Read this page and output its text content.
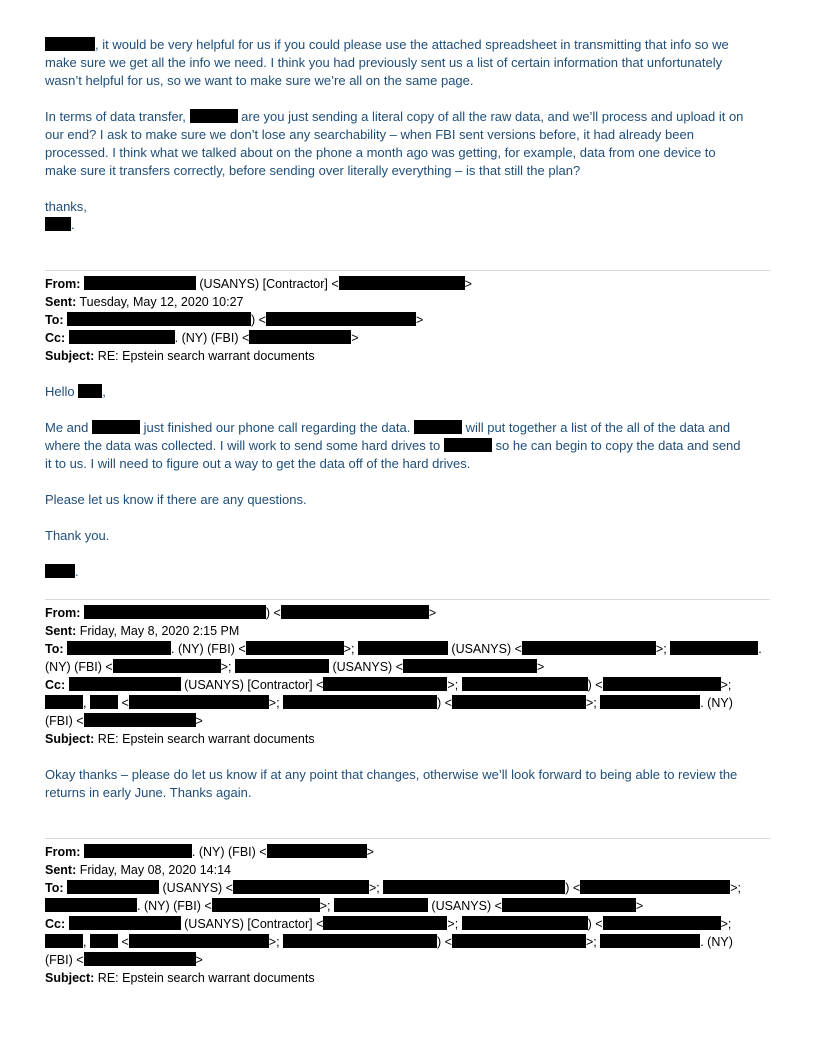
, it would be very helpful for us if you could please use the attached spreadsheet in transmitting that info so we
make sure we get all the info we need. I think you had previously sent us a list of certain information that unfortunately
wasn’t helpful for us, so we want to make sure we’re all on the same page.
In terms of data transfer,	are you just sending a literal copy of all the raw data, and we’ll process and upload it on
our end? I ask to make sure we don’t lose any searchability – when FBI sent versions before, it had already been
processed. I think what we talked about on the phone a month ago was getting, for example, data from one device to
make sure it transfers correctly, before sending over literally everything – is that still the plan?
thanks,
.
From:	(USANYS) [Contractor] <	>
Sent: Tuesday, May 12, 2020 10:27
To:	) <	>
Cc:	. (NY) (FBI) <	>
Subject: RE: Epstein search warrant documents
Hello ,
Me and	just finished our phone call regarding the data.	will put together a list of the all of the data and
where the data was collected. I will work to send some hard drives to	so he can begin to copy the data and send
it to us. I will need to figure out a way to get the data off of the hard drives.
Please let us know if there are any questions.
Thank you.
.
From:	) <	>
Sent: Friday, May 8, 2020 2:15 PM
To:	. (NY) (FBI) <	>;	(USANYS) <	>;	.
(NY) (FBI) <	>;	(USANYS) <	>
Cc:	(USANYS) [Contractor] <	>;	) <	>;
,	<	>;	) <	>;	. (NY)
(FBI) <	>
Subject: RE: Epstein search warrant documents
Okay thanks – please do let us know if at any point that changes, otherwise we’ll look forward to being able to review the
returns in early June. Thanks again.
From:	. (NY) (FBI) <	>
Sent: Friday, May 08, 2020 14:14
To:	(USANYS) <	>;	) <	>;
. (NY) (FBI) <	>;	(USANYS) <	>
Cc:	(USANYS) [Contractor] <	>;	) <	>;
,	<	>;	) <	>;	. (NY)
(FBI) <	>
Subject: RE: Epstein search warrant documents
